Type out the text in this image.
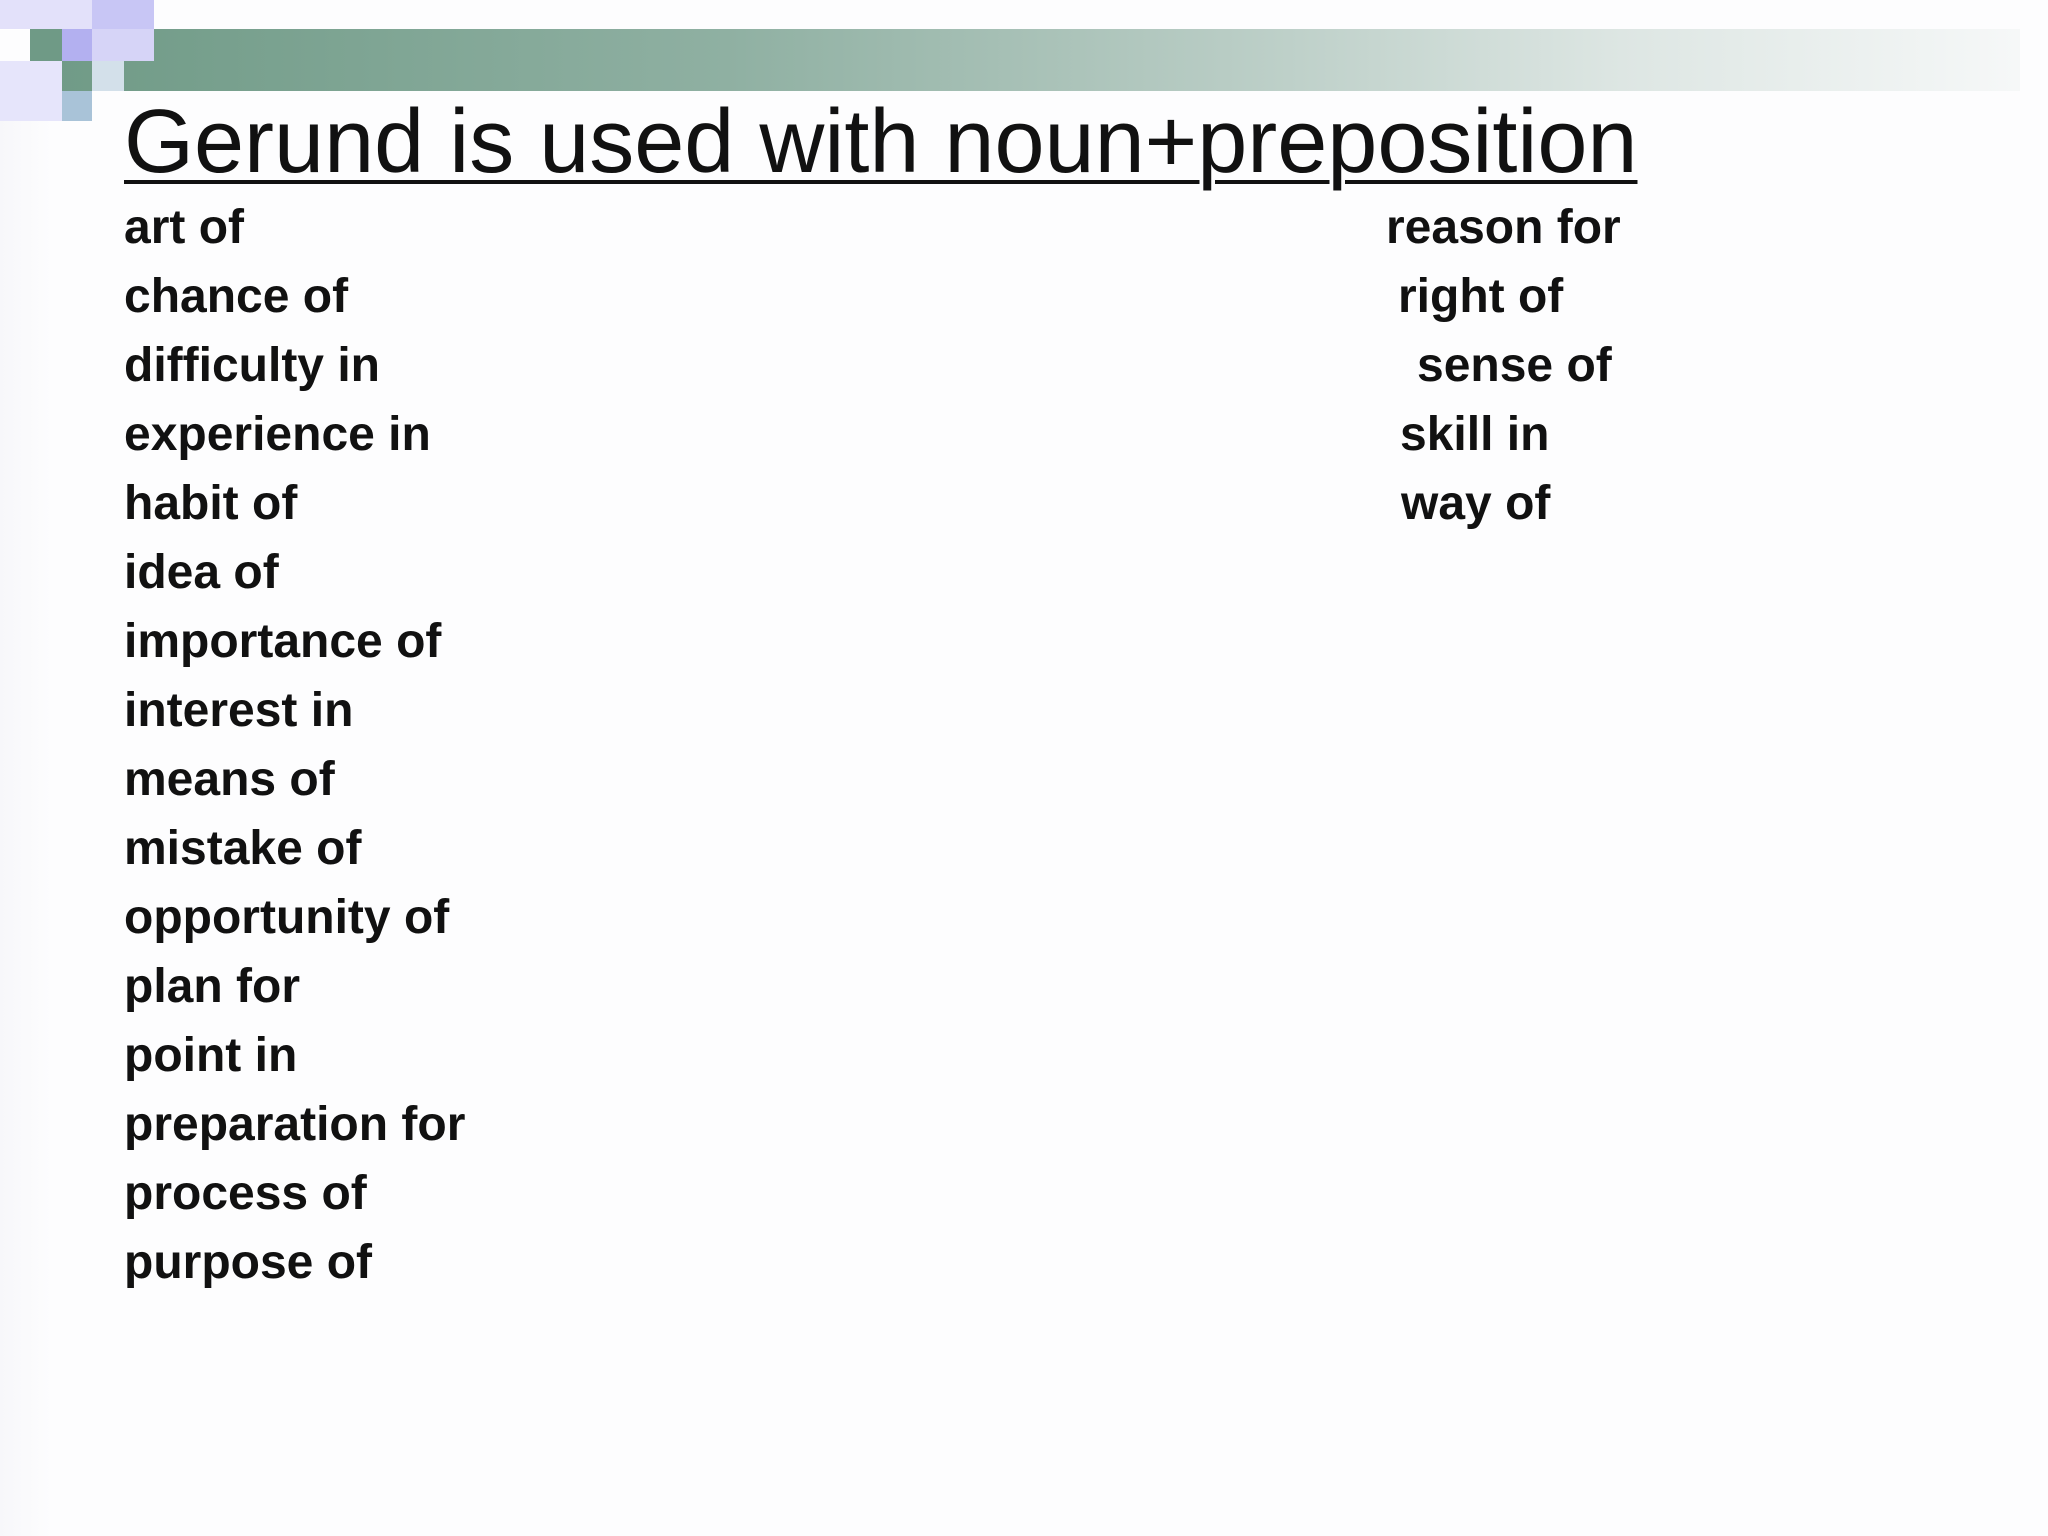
Gerund is used with noun+preposition
art of
chance of
difficulty in
experience in
habit of
idea of
importance of
interest in
means of
mistake of
opportunity of
plan for
point in
preparation for
process of
purpose of
reason for
right of
sense of
skill in
way of
